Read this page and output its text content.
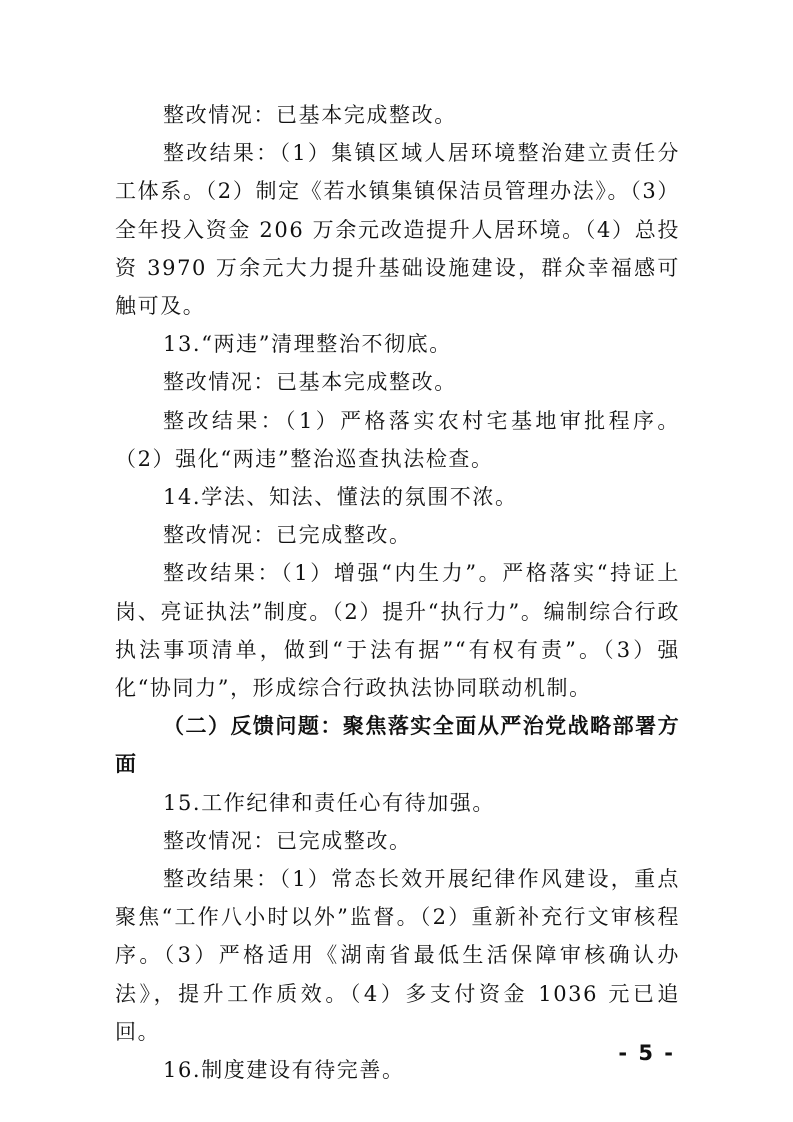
整改情况：已基本完成整改。

整改结果：（1）集镇区域人居环境整治建立责任分工体系。（2）制定《若水镇集镇保洁员管理办法》。（3）全年投入资金 206 万余元改造提升人居环境。（4）总投资 3970 万余元大力提升基础设施建设，群众幸福感可触可及。

13.“两违”清理整治不彻底。

整改情况：已基本完成整改。

整改结果：（1）严格落实农村宅基地审批程序。（2）强化“两违”整治巡查执法检查。

14.学法、知法、懂法的氛围不浓。

整改情况：已完成整改。

整改结果：（1）增强“内生力”。严格落实“持证上岗、亮证执法”制度。（2）提升“执行力”。编制综合行政执法事项清单，做到“于法有据”“有权有责”。（3）强化“协同力”，形成综合行政执法协同联动机制。

（二）反馈问题：聚焦落实全面从严治党战略部署方面

15.工作纪律和责任心有待加强。

整改情况：已完成整改。

整改结果：（1）常态长效开展纪律作风建设，重点聚焦“工作八小时以外”监督。（2）重新补充行文审核程序。（3）严格适用《湖南省最低生活保障审核确认办法》，提升工作质效。（4）多支付资金 1036 元已追回。

16.制度建设有待完善。

- 5 -
